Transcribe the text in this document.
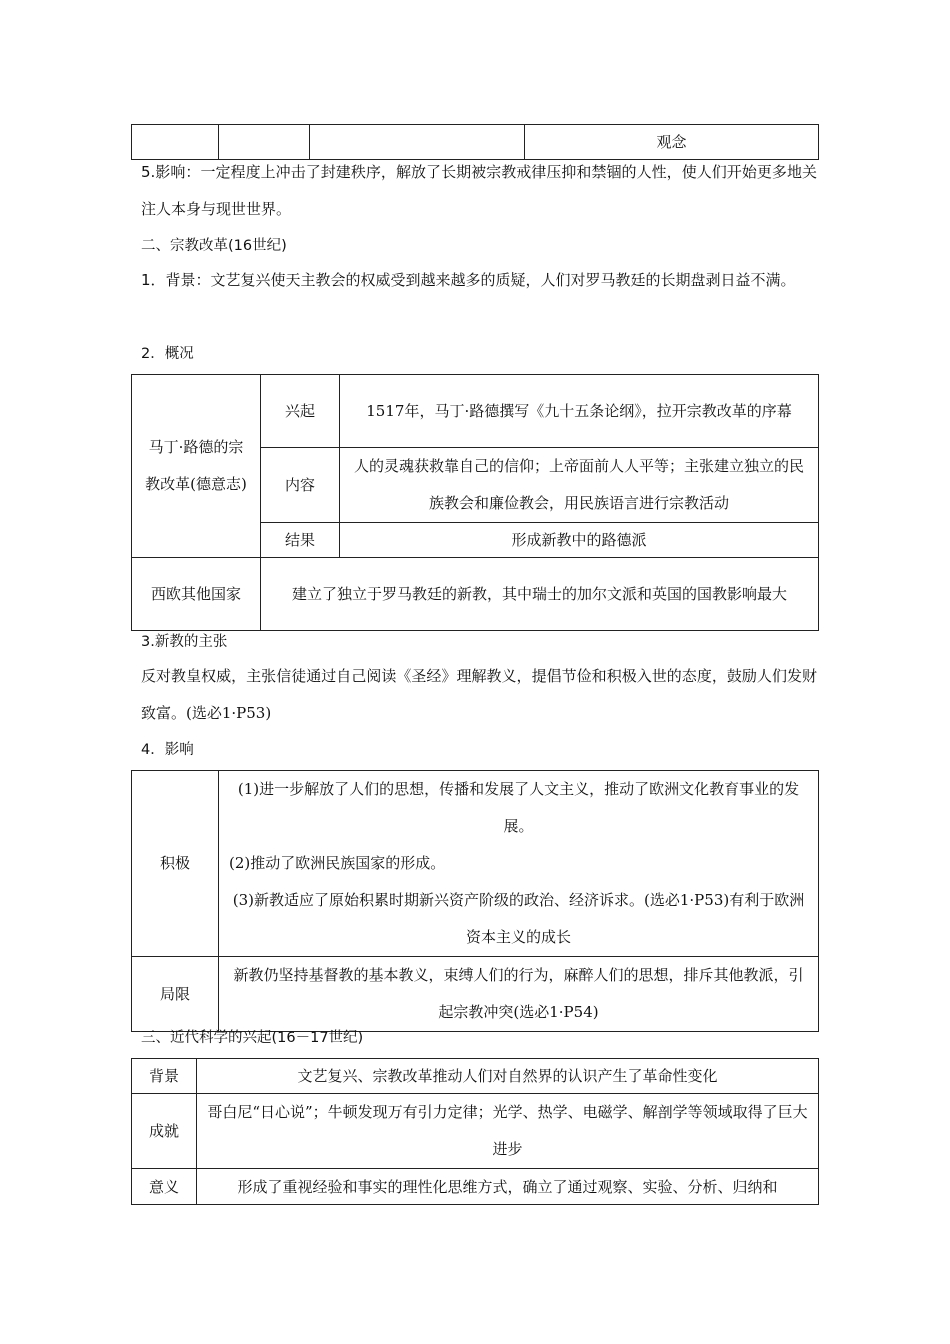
			观念
5.影响：一定程度上冲击了封建秩序，解放了长期被宗教戒律压抑和禁锢的人性，使人们开始更多地关注人本身与现世世界。
二、宗教改革(16世纪)
1．背景：文艺复兴使天主教会的权威受到越来越多的质疑，人们对罗马教廷的长期盘剥日益不满。
2．概况
马丁·路德的宗教改革(德意志)	兴起	1517年，马丁·路德撰写《九十五条论纲》，拉开宗教改革的序幕
	内容	人的灵魂获救靠自己的信仰；上帝面前人人平等；主张建立独立的民族教会和廉俭教会，用民族语言进行宗教活动
	结果	形成新教中的路德派
西欧其他国家	建立了独立于罗马教廷的新教，其中瑞士的加尔文派和英国的国教影响最大	
3.新教的主张
反对教皇权威，主张信徒通过自己阅读《圣经》理解教义，提倡节俭和积极入世的态度，鼓励人们发财致富。(选必1·P53)
4．影响
积极	(1)进一步解放了人们的思想，传播和发展了人文主义，推动了欧洲文化教育事业的发展。
(2)推动了欧洲民族国家的形成。
(3)新教适应了原始积累时期新兴资产阶级的政治、经济诉求。(选必1·P53)有利于欧洲资本主义的成长

局限	新教仍坚持基督教的基本教义，束缚人们的行为，麻醉人们的思想，排斥其他教派，引起宗教冲突(选必1·P54)
三、近代科学的兴起(16－17世纪)
背景	文艺复兴、宗教改革推动人们对自然界的认识产生了革命性变化
成就	哥白尼“日心说”；牛顿发现万有引力定律；光学、热学、电磁学、解剖学等领域取得了巨大进步
意义	形成了重视经验和事实的理性化思维方式，确立了通过观察、实验、分析、归纳和
